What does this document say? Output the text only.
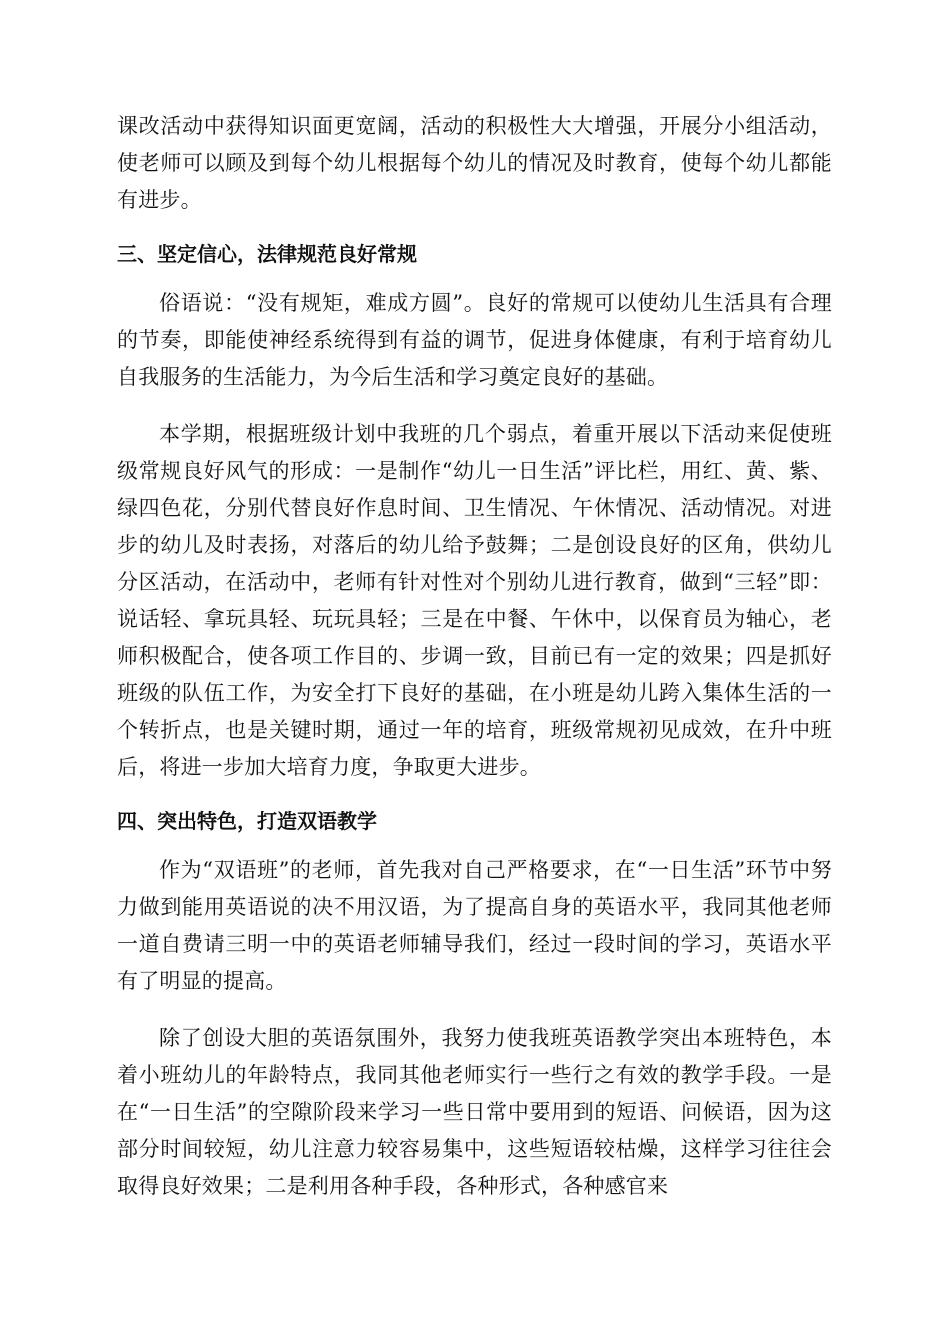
课改活动中获得知识面更宽阔，活动的积极性大大增强，开展分小组活动，使老师可以顾及到每个幼儿根据每个幼儿的情况及时教育，使每个幼儿都能有进步。

三、坚定信心，法律规范良好常规

俗语说：“没有规矩，难成方圆”。良好的常规可以使幼儿生活具有合理的节奏，即能使神经系统得到有益的调节，促进身体健康，有利于培育幼儿自我服务的生活能力，为今后生活和学习奠定良好的基础。

本学期，根据班级计划中我班的几个弱点，着重开展以下活动来促使班级常规良好风气的形成：一是制作“幼儿一日生活”评比栏，用红、黄、紫、绿四色花，分别代替良好作息时间、卫生情况、午休情况、活动情况。对进步的幼儿及时表扬，对落后的幼儿给予鼓舞；二是创设良好的区角，供幼儿分区活动，在活动中，老师有针对性对个别幼儿进行教育，做到“三轻”即：说话轻、拿玩具轻、玩玩具轻；三是在中餐、午休中，以保育员为轴心，老师积极配合，使各项工作目的、步调一致，目前已有一定的效果；四是抓好班级的队伍工作，为安全打下良好的基础，在小班是幼儿跨入集体生活的一个转折点，也是关键时期，通过一年的培育，班级常规初见成效，在升中班后，将进一步加大培育力度，争取更大进步。

四、突出特色，打造双语教学

作为“双语班”的老师，首先我对自己严格要求，在“一日生活”环节中努力做到能用英语说的决不用汉语，为了提高自身的英语水平，我同其他老师一道自费请三明一中的英语老师辅导我们，经过一段时间的学习，英语水平有了明显的提高。

除了创设大胆的英语氛围外，我努力使我班英语教学突出本班特色，本着小班幼儿的年龄特点，我同其他老师实行一些行之有效的教学手段。一是在“一日生活”的空隙阶段来学习一些日常中要用到的短语、问候语，因为这部分时间较短，幼儿注意力较容易集中，这些短语较枯燥，这样学习往往会取得良好效果；二是利用各种手段，各种形式，各种感官来
